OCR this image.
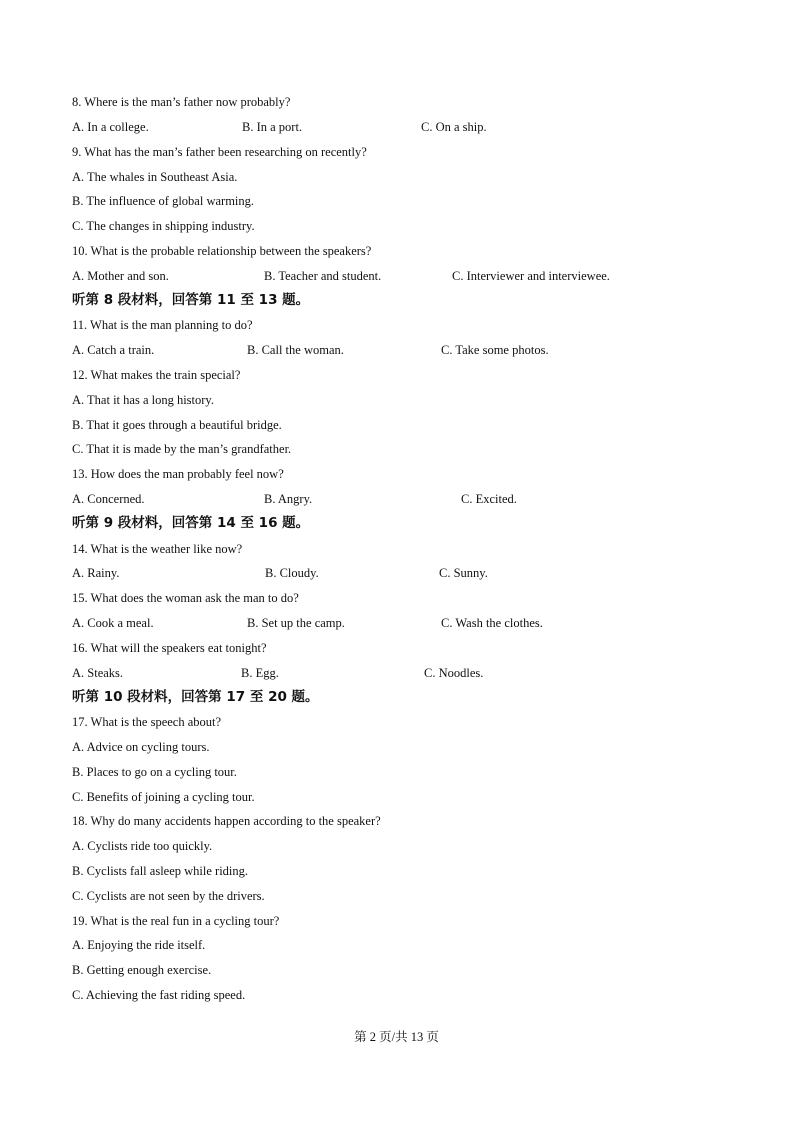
8. Where is the man’s father now probably?
A. In a college.	B. In a port.	C. On a ship.
9. What has the man’s father been researching on recently?
A. The whales in Southeast Asia.
B. The influence of global warming.
C. The changes in shipping industry.
10. What is the probable relationship between the speakers?
A. Mother and son.	B. Teacher and student.	C. Interviewer and interviewee.
听第 8 段材料，回答第 11 至 13 题。
11. What is the man planning to do?
A. Catch a train.	B. Call the woman.	C. Take some photos.
12. What makes the train special?
A. That it has a long history.
B. That it goes through a beautiful bridge.
C. That it is made by the man’s grandfather.
13. How does the man probably feel now?
A. Concerned.	B. Angry.	C. Excited.
听第 9 段材料，回答第 14 至 16 题。
14. What is the weather like now?
A. Rainy.	B. Cloudy.	C. Sunny.
15. What does the woman ask the man to do?
A. Cook a meal.	B. Set up the camp.	C. Wash the clothes.
16. What will the speakers eat tonight?
A. Steaks.	B. Egg.	C. Noodles.
听第 10 段材料，回答第 17 至 20 题。
17. What is the speech about?
A. Advice on cycling tours.
B. Places to go on a cycling tour.
C. Benefits of joining a cycling tour.
18. Why do many accidents happen according to the speaker?
A. Cyclists ride too quickly.
B. Cyclists fall asleep while riding.
C. Cyclists are not seen by the drivers.
19. What is the real fun in a cycling tour?
A. Enjoying the ride itself.
B. Getting enough exercise.
C. Achieving the fast riding speed.
第 2 页/共 13 页
